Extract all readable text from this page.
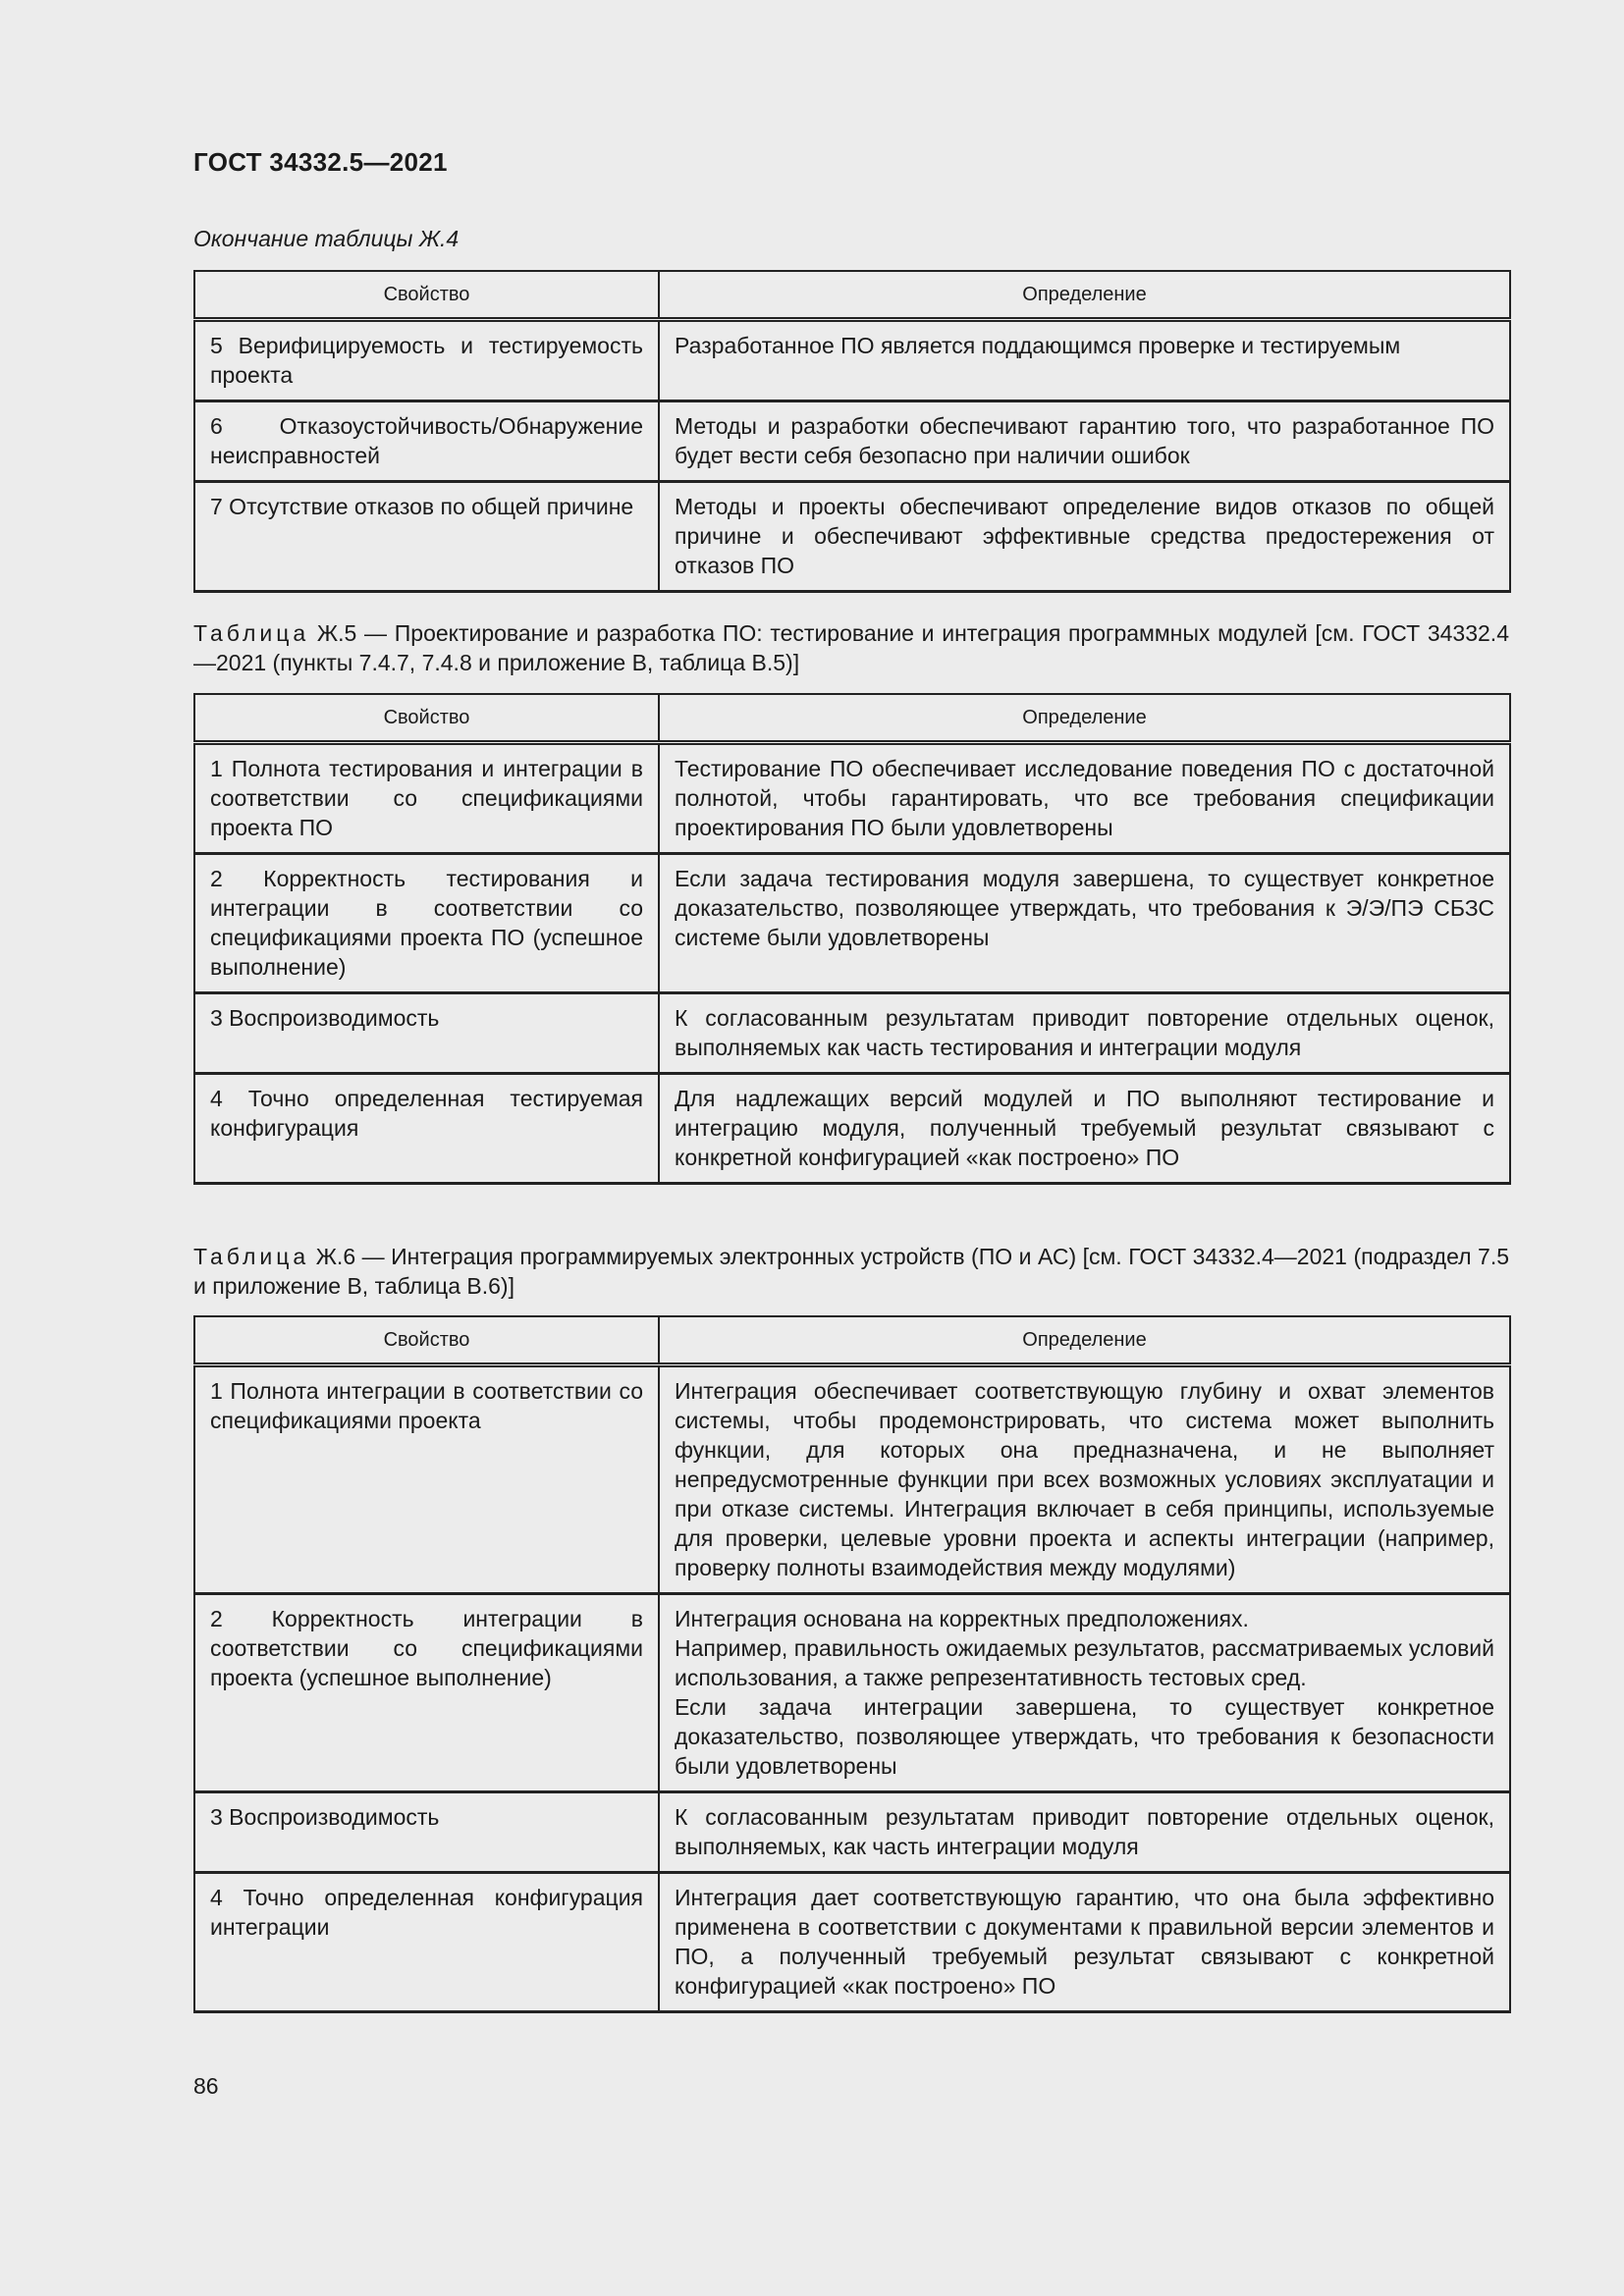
ГОСТ 34332.5—2021
Окончание таблицы Ж.4
Свойство	Определение
5 Верифицируемость и тестируемость проекта	Разработанное ПО является поддающимся проверке и тестируемым
6 Отказоустойчивость/Обнаружение неисправностей	Методы и разработки обеспечивают гарантию того, что разработанное ПО будет вести себя безопасно при наличии ошибок
7 Отсутствие отказов по общей причине	Методы и проекты обеспечивают определение видов отказов по общей причине и обеспечивают эффективные средства предостережения от отказов ПО
Таблица Ж.5 — Проектирование и разработка ПО: тестирование и интеграция программных модулей [см. ГОСТ 34332.4—2021 (пункты 7.4.7, 7.4.8 и приложение В, таблица В.5)]
Свойство	Определение
1 Полнота тестирования и интеграции в соответствии со спецификациями проекта ПО	Тестирование ПО обеспечивает исследование поведения ПО с достаточной полнотой, чтобы гарантировать, что все требования спецификации проектирования ПО были удовлетворены
2 Корректность тестирования и интеграции в соответствии со спецификациями проекта ПО (успешное выполнение)	Если задача тестирования модуля завершена, то существует конкретное доказательство, позволяющее утверждать, что требования к Э/Э/ПЭ СБЗС системе были удовлетворены
3 Воспроизводимость	К согласованным результатам приводит повторение отдельных оценок, выполняемых как часть тестирования и интеграции модуля
4 Точно определенная тестируемая конфигурация	Для надлежащих версий модулей и ПО выполняют тестирование и интеграцию модуля, полученный требуемый результат связывают с конкретной конфигурацией «как построено» ПО
Таблица Ж.6 — Интеграция программируемых электронных устройств (ПО и АС) [см. ГОСТ 34332.4—2021 (подраздел 7.5 и приложение В, таблица В.6)]
Свойство	Определение
1 Полнота интеграции в соответствии со спецификациями проекта	Интеграция обеспечивает соответствующую глубину и охват элементов системы, чтобы продемонстрировать, что система может выполнить функции, для которых она предназначена, и не выполняет непредусмотренные функции при всех возможных условиях эксплуатации и при отказе системы. Интеграция включает в себя принципы, используемые для проверки, целевые уровни проекта и аспекты интеграции (например, проверку полноты взаимодействия между модулями)
2 Корректность интеграции в соответствии со спецификациями проекта (успешное выполнение)	Интеграция основана на корректных предположениях.
Например, правильность ожидаемых результатов, рассматриваемых условий использования, а также репрезентативность тестовых сред.
Если задача интеграции завершена, то существует конкретное доказательство, позволяющее утверждать, что требования к безопасности были удовлетворены
3 Воспроизводимость	К согласованным результатам приводит повторение отдельных оценок, выполняемых, как часть интеграции модуля
4 Точно определенная конфигурация интеграции	Интеграция дает соответствующую гарантию, что она была эффективно применена в соответствии с документами к правильной версии элементов и ПО, а полученный требуемый результат связывают с конкретной конфигурацией «как построено» ПО
86
